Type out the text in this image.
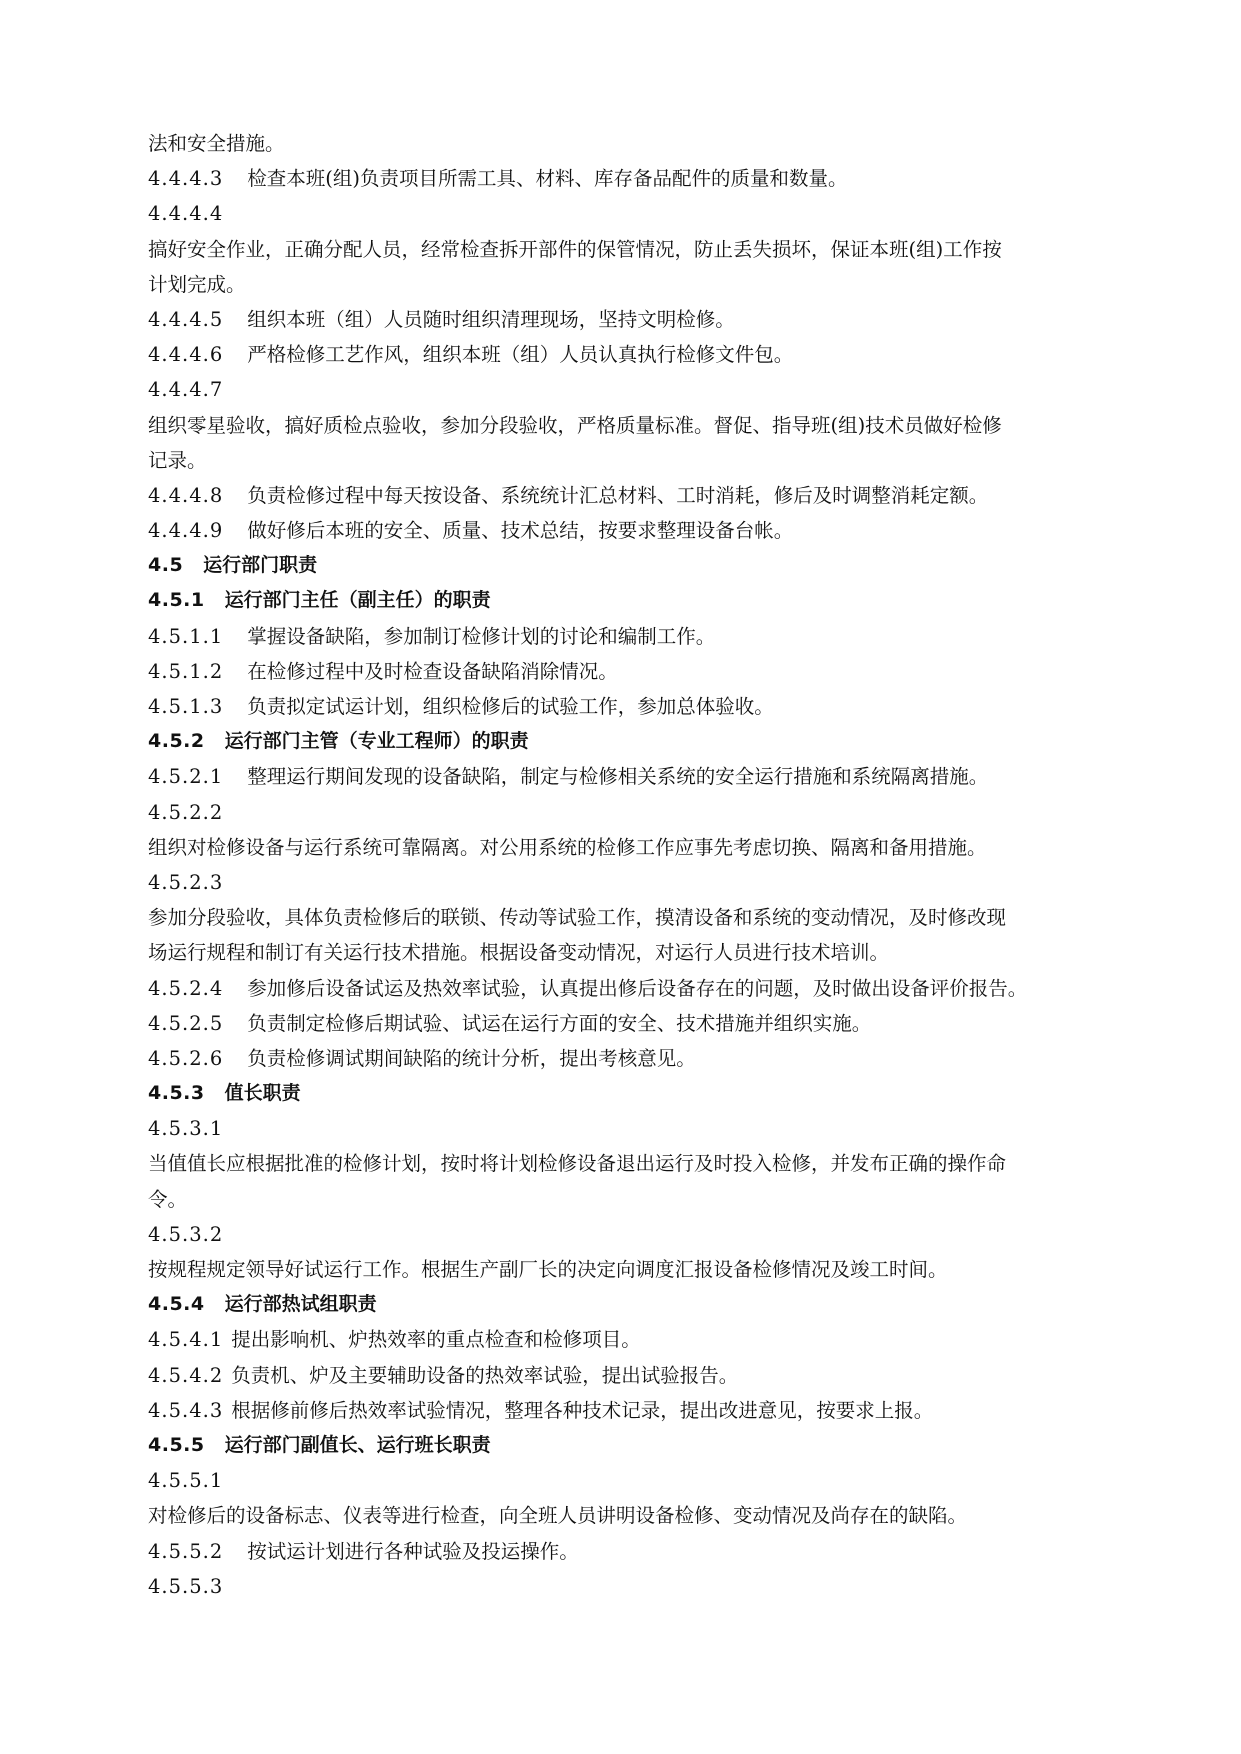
法和安全措施。

4.4.4.3 检查本班(组)负责项目所需工具、材料、库存备品配件的质量和数量。

4.4.4.4

搞好安全作业，正确分配人员，经常检查拆开部件的保管情况，防止丢失损坏，保证本班(组)工作按

计划完成。

4.4.4.5 组织本班（组）人员随时组织清理现场，坚持文明检修。

4.4.4.6 严格检修工艺作风，组织本班（组）人员认真执行检修文件包。

4.4.4.7

组织零星验收，搞好质检点验收，参加分段验收，严格质量标准。督促、指导班(组)技术员做好检修

记录。

4.4.4.8 负责检修过程中每天按设备、系统统计汇总材料、工时消耗，修后及时调整消耗定额。

4.4.4.9 做好修后本班的安全、质量、技术总结，按要求整理设备台帐。

4.5 运行部门职责

4.5.1 运行部门主任（副主任）的职责

4.5.1.1 掌握设备缺陷，参加制订检修计划的讨论和编制工作。

4.5.1.2 在检修过程中及时检查设备缺陷消除情况。

4.5.1.3 负责拟定试运计划，组织检修后的试验工作，参加总体验收。

4.5.2 运行部门主管（专业工程师）的职责

4.5.2.1 整理运行期间发现的设备缺陷，制定与检修相关系统的安全运行措施和系统隔离措施。

4.5.2.2

组织对检修设备与运行系统可靠隔离。对公用系统的检修工作应事先考虑切换、隔离和备用措施。

4.5.2.3

参加分段验收，具体负责检修后的联锁、传动等试验工作，摸清设备和系统的变动情况，及时修改现

场运行规程和制订有关运行技术措施。根据设备变动情况，对运行人员进行技术培训。

4.5.2.4 参加修后设备试运及热效率试验，认真提出修后设备存在的问题，及时做出设备评价报告。

4.5.2.5 负责制定检修后期试验、试运在运行方面的安全、技术措施并组织实施。

4.5.2.6 负责检修调试期间缺陷的统计分析，提出考核意见。

4.5.3 值长职责

4.5.3.1

当值值长应根据批准的检修计划，按时将计划检修设备退出运行及时投入检修，并发布正确的操作命

令。

4.5.3.2

按规程规定领导好试运行工作。根据生产副厂长的决定向调度汇报设备检修情况及竣工时间。

4.5.4 运行部热试组职责

4.5.4.1 提出影响机、炉热效率的重点检查和检修项目。

4.5.4.2 负责机、炉及主要辅助设备的热效率试验，提出试验报告。

4.5.4.3 根据修前修后热效率试验情况，整理各种技术记录，提出改进意见，按要求上报。

4.5.5 运行部门副值长、运行班长职责

4.5.5.1

对检修后的设备标志、仪表等进行检查，向全班人员讲明设备检修、变动情况及尚存在的缺陷。

4.5.5.2 按试运计划进行各种试验及投运操作。

4.5.5.3
